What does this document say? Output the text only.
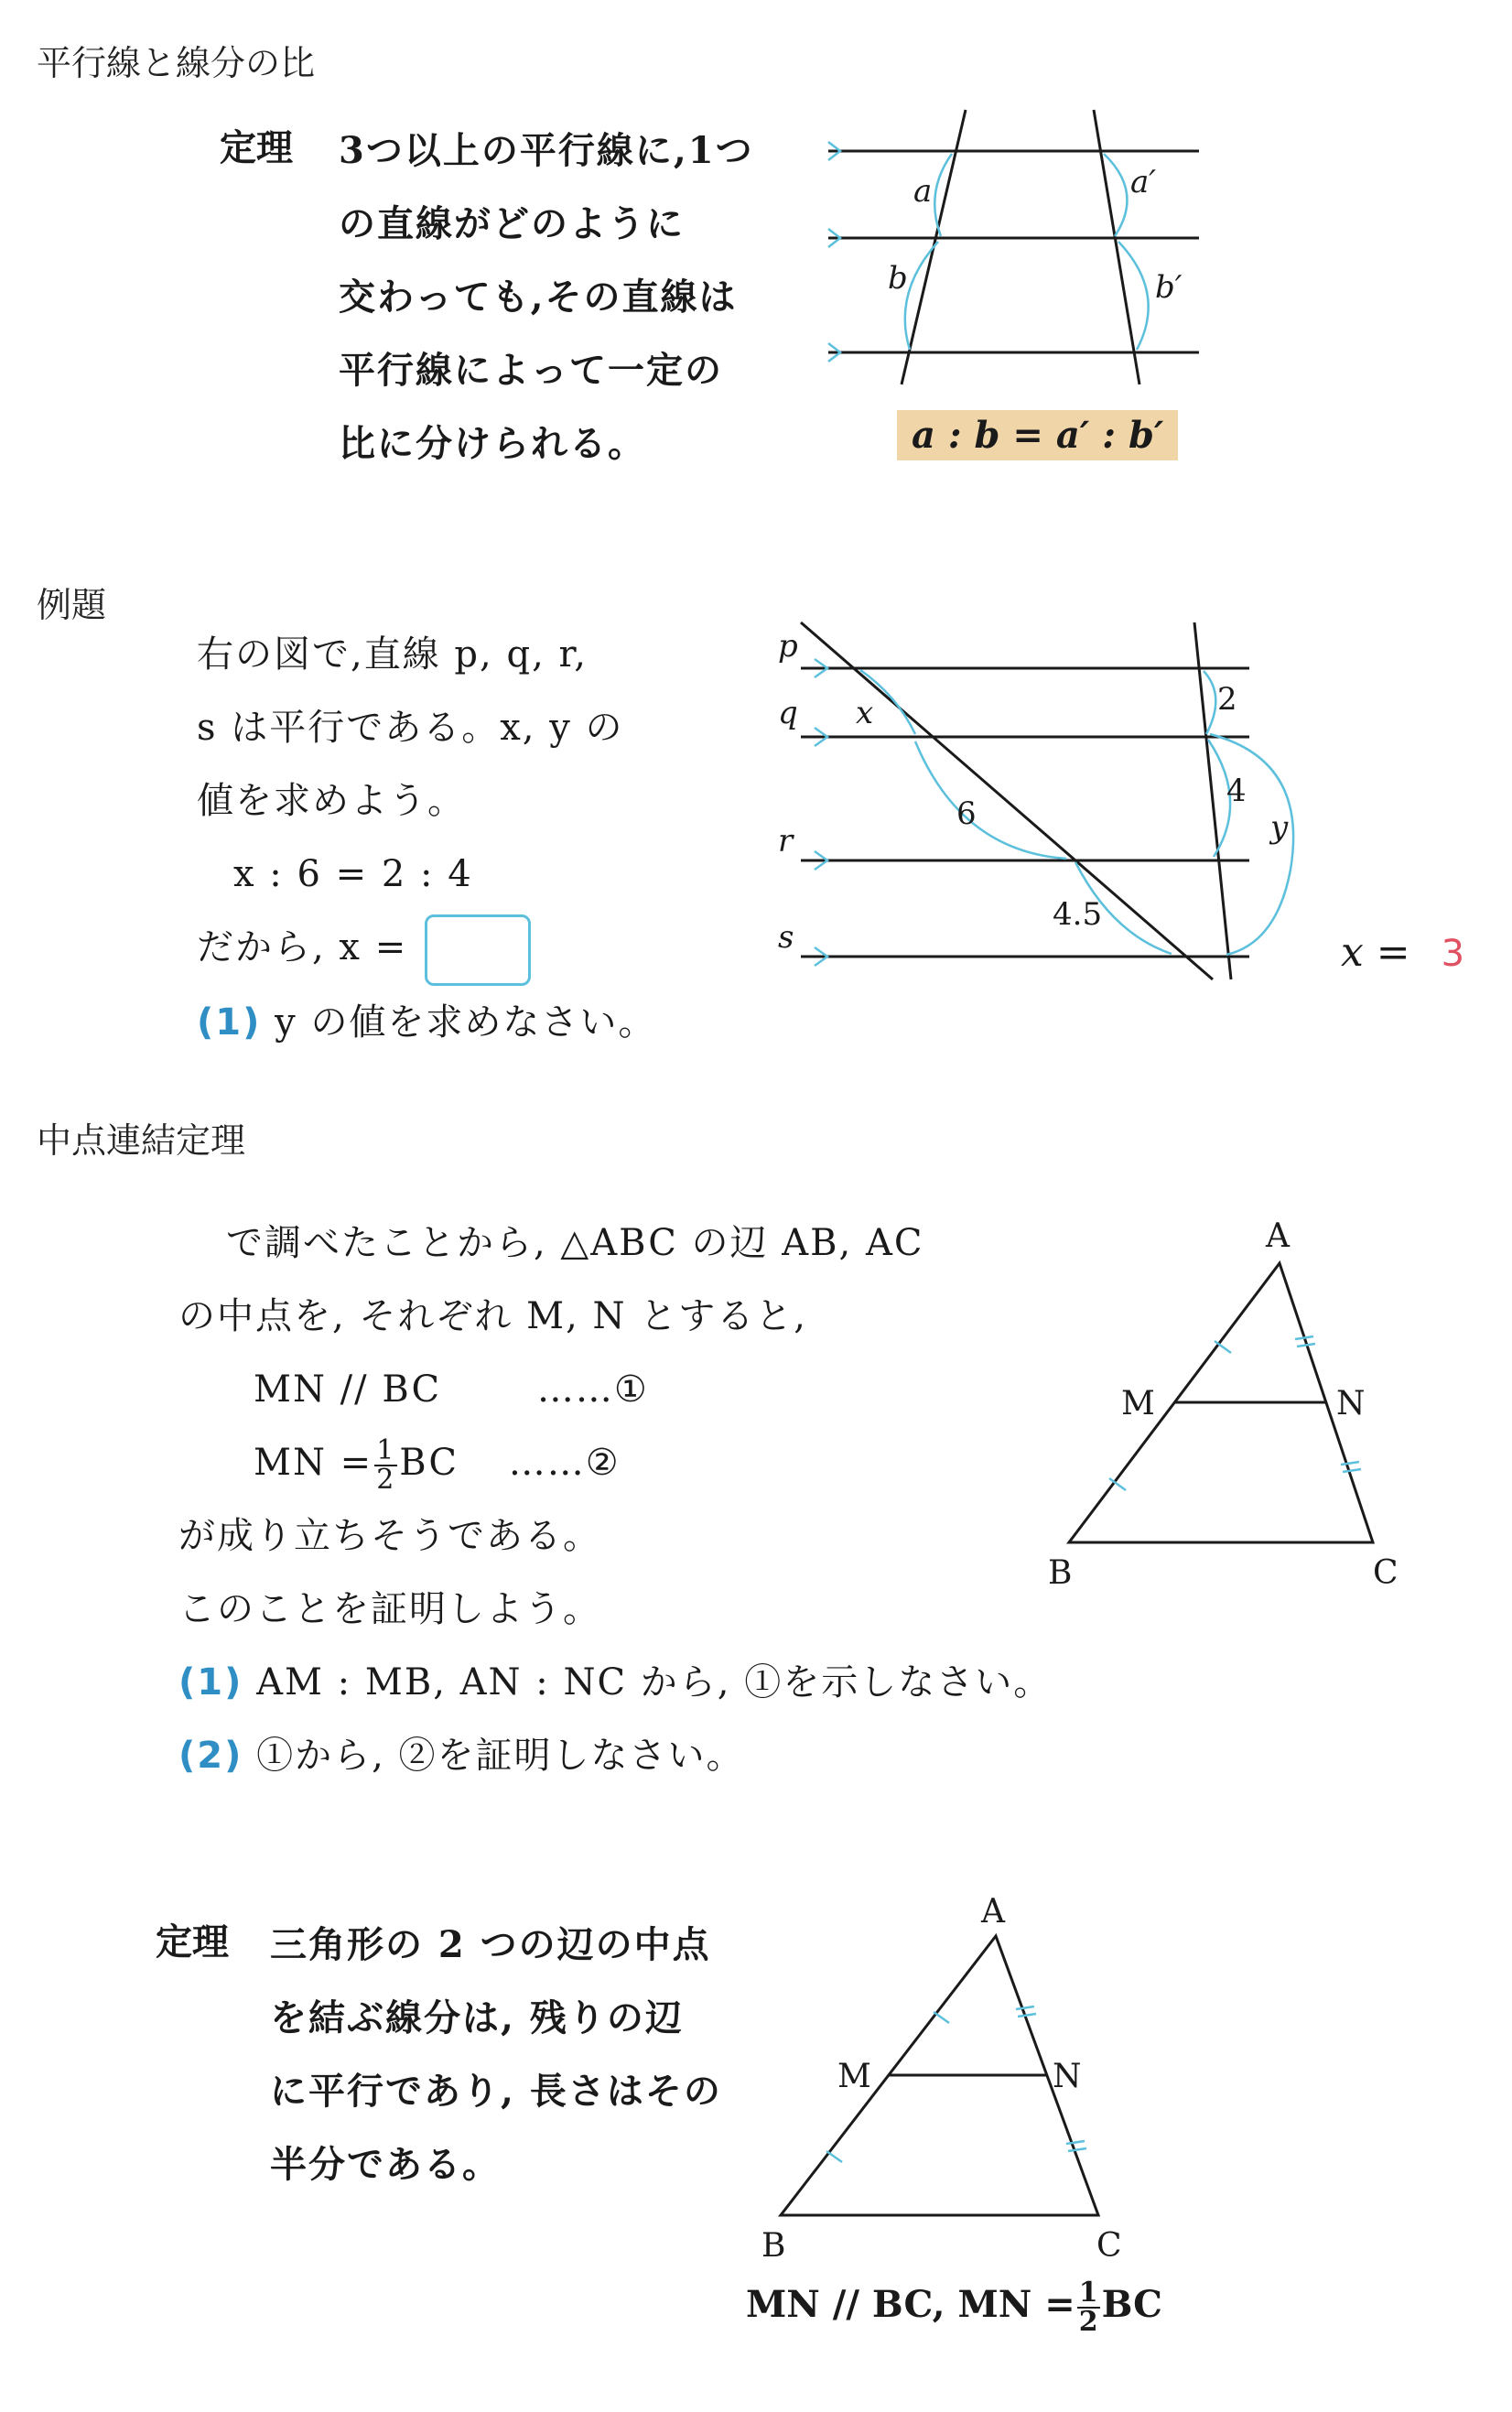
平行線と線分の比
定理 3つ以上の平行線に,1つ
の直線がどのように
交わっても,その直線は
平行線によって一定の
比に分けられる。
a
b
a′
b′
a : b = a′ : b′
例題
右の図で,直線 p, q, r,
s は平行である。x, y の
値を求めよう。
x : 6 = 2 : 4
だから, x =
(1) y の値を求めなさい。
p
q
r
s
x
6
4.5
2
4
y
x = 3
中点連結定理
で調べたことから, △ABC の辺 AB, AC
の中点を, それぞれ M, N とすると,
MN // BC	……①
MN = $\frac{1}{2}$ BC ……②
が成り立ちそうである。
このことを証明しよう。
(1) AM : MB, AN : NC から, ①を示しなさい。
(2) ①から, ②を証明しなさい。
A
B	C
M	N
定理 三角形の 2 つの辺の中点
を結ぶ線分は, 残りの辺
に平行であり, 長さはその
半分である。
A
B	C
M	N
MN // BC, MN = $\frac{1}{2}$ BC
